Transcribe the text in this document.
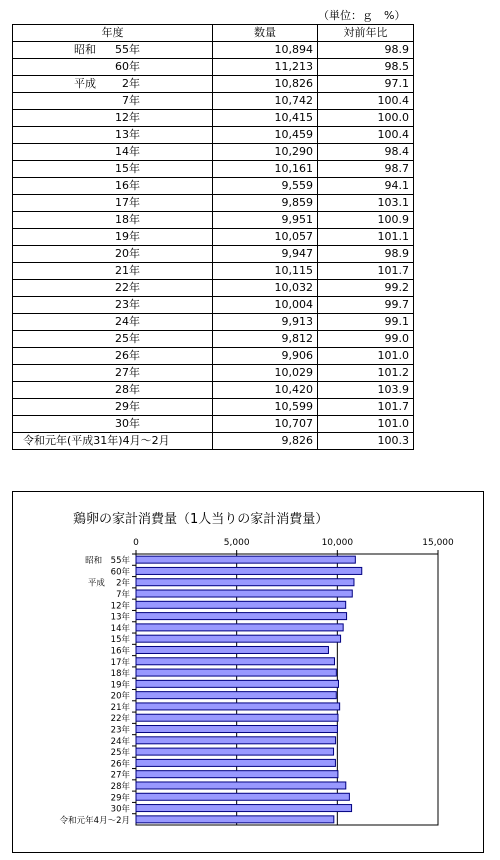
（単位：ｇ　%）
年度	数量	対前年比

昭和 55年	10,894	98.9
60年	11,213	98.5

平成 2年	10,826	97.1
7年	10,742	100.4
12年	10,415	100.0
13年	10,459	100.4
14年	10,290	98.4
15年	10,161	98.7
16年	9,559	94.1
17年	9,859	103.1
18年	9,951	100.9
19年	10,057	101.1
20年	9,947	98.9
21年	10,115	101.7
22年	10,032	99.2
23年	10,004	99.7
24年	9,913	99.1
25年	9,812	99.0
26年	9,906	101.0
27年	10,029	101.2
28年	10,420	103.9
29年	10,599	101.7
30年	10,707	101.0
令和元年(平成31年)4月～2月	9,826	100.3
鶏卵の家計消費量（1人当りの家計消費量）
0	5,000	10,000	15,000
昭和　55年
60年
平成　 2年
7年
12年
13年
14年
15年
16年
17年
18年
19年
20年
21年
22年
23年
24年
25年
26年
27年
28年
29年
30年
令和元年4月～2月
